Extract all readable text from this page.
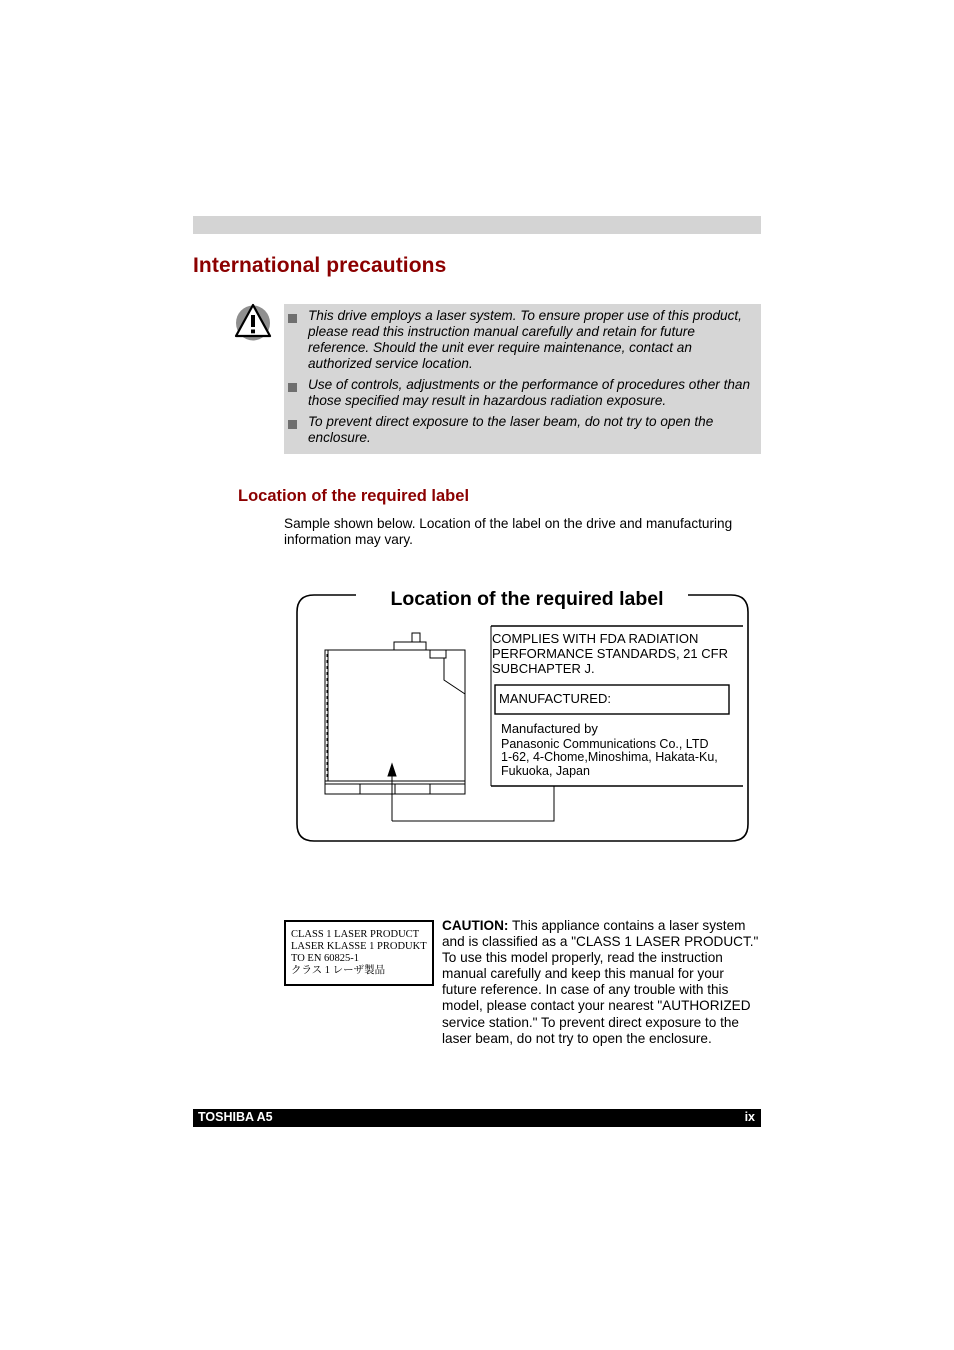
International precautions
This drive employs a laser system. To ensure proper use of this product, please read this instruction manual carefully and retain for future reference. Should the unit ever require maintenance, contact an authorized service location.
Use of controls, adjustments or the performance of procedures other than those specified may result in hazardous radiation exposure.
To prevent direct exposure to the laser beam, do not try to open the enclosure.
Location of the required label
Sample shown below. Location of the label on the drive and manufacturing information may vary.
Location of the required label
COMPLIES WITH FDA RADIATION
PERFORMANCE STANDARDS, 21 CFR
SUBCHAPTER J.
MANUFACTURED:
Manufactured by
Panasonic Communications Co., LTD
1-62, 4-Chome,Minoshima, Hakata-Ku,
Fukuoka, Japan
CLASS 1 LASER PRODUCT
LASER KLASSE 1 PRODUKT
TO EN 60825-1
クラス 1 レーザ製品
CAUTION: This appliance contains a laser system and is classified as a "CLASS 1 LASER PRODUCT." To use this model properly, read the instruction manual carefully and keep this manual for your future reference. In case of any trouble with this model, please contact your nearest "AUTHORIZED service station." To prevent direct exposure to the laser beam, do not try to open the enclosure.
TOSHIBA A5	ix
